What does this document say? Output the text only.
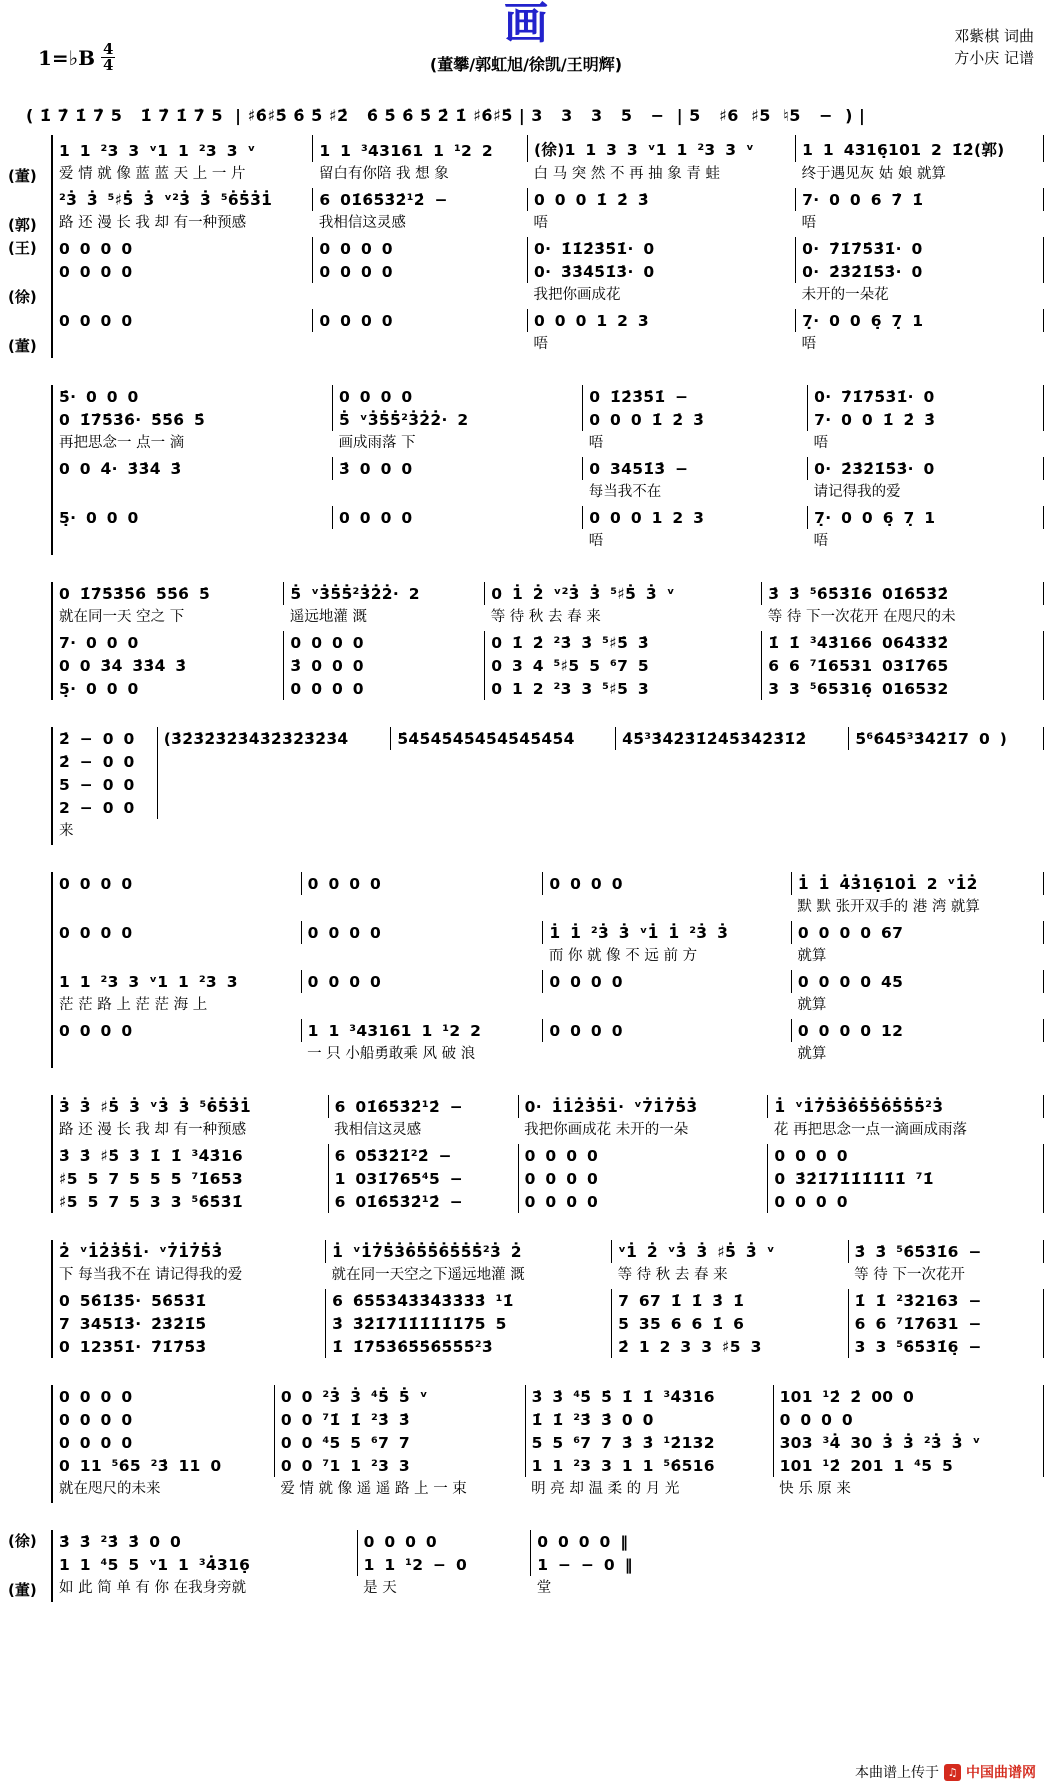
画
1=♭B $\frac{4}{4}$	(董攀/郭虹旭/徐凯/王明辉)
邓紫棋 词曲
方小庆 记谱
( 1̇ 7̇ 1̇ 7̇ 5   1̇ 7̇ 1̇ 7̇ 5  | ♯6̇♯5̇ 6̇ 5̇ ♯2̇   6̇ 5̇ 6̇ 5̇ 2̇ 1̇ ♯6̇♯5̇ | 3   3   3   5   −  | 5   ♯6  ♯5  ♮5   −  ) |
(董)	1 1 ²3 3 ᵛ1 1 ²3 3 ᵛ	1 1 ³43161 1 ¹2 2	(徐)1 1 3 3 ᵛ1 1 ²3 3 ᵛ	1 1 4316̣101 2 1̇2̇(郭)
	爱 情 就 像 蓝 蓝 天 上 一 片	留白有你陪 我 想 象	白 马 突 然 不 再 抽 象 青 蛙	终于遇见灰 姑 娘 就算
(郭)	²3̇ 3̇ ⁵♯5̇ 3̇ ᵛ²3̇ 3̇ ⁵6̇5̇3̇1̇	6 01̇6̇5̇3̇2̇¹2̇ −	0 0 0 1̇ 2̇ 3̇	7· 0 0 6 7̇ 1̇
	路 还 漫 长 我 却 有一种预感	我相信这灵感	唔	唔
(王)	0 0 0 0	0 0 0 0	0· 1̇1̇2̇3̇5̇1̇· 0	0· 7̇1̇7̇5̇3̇1̇· 0
(徐)	0 0 0 0	0 0 0 0	0· 3̇3̇4̇5̇1̇3̇· 0	0· 2̇3̇2̇1̇5̇3̇· 0
			我把你画成花	未开的一朵花
(董)	0 0 0 0	0 0 0 0	0 0 0 1 2 3	7̣· 0 0 6̣ 7̣ 1
			唔	唔
	5̇· 0 0 0	0 0 0 0	0 1̇2̇3̇5̇1̇ −	0· 7̇1̇7̇5̇3̇1̇· 0
	0 1̇7̇5̇3̇6̇· 5̇5̇6̇ 5̇	5̇ ᵛ3̇5̇5̇²3̇2̇2̇· 2	0 0 0 1̇ 2̇ 3̇	7· 0 0 1̇ 2̇ 3̇
	再把思念一 点一 滴	画成雨落 下	唔	唔
	0 0 4̇· 3̇3̇4̇ 3̇	3̇ 0 0 0	0 3451̇3̇ −	0· 2̇3̇2̇1̇5̇3̇· 0
			每当我不在	请记得我的爱
	5̣· 0 0 0	0 0 0 0	0 0 0 1 2 3	7̣· 0 0 6̣ 7̣ 1
			唔	唔
	0 1̇7̇5̇3̇5̇6̇ 5̇5̇6̇ 5̇	5̇ ᵛ3̇5̇5̇²3̇2̇2̇· 2	0 1̇ 2̇ ᵛ²3̇ 3̇ ⁵♯5̇ 3̇ ᵛ	3̇ 3̇ ⁵6̇5̇3̇1̇6 01̇6̇5̇3̇2̇
	就在同一天 空之 下	遥远地灌 溉	等 待 秋 去 春 来	等 待 下一次花开 在咫尺的未
	7· 0 0 0	0 0 0 0	0 1̇ 2̇ ²3̇ 3̇ ⁵♯5̇ 3̇	1̇ 1̇ ³4̇3̇166 064̇3̇3̇2̇
	0 0 3̇4̇ 3̇3̇4̇ 3̇	3̇ 0 0 0	0 3 4 ⁵♯5 5 ⁶7 5	6 6 ⁷1̇6531 031̇7̇65
	5̣· 0 0 0	0 0 0 0	0 1 2 ²3 3 ⁵♯5 3	3 3 ⁵65316̣ 016532
	2̇ − 0 0	(3̇2̇3̇2̇3̇2̇3̇4̇3̇2̇3̇2̇3̇2̇3̇4̇	5̇4̇5̇4̇5̇4̇5̇4̇5̇4̇5̇4̇5̇4̇5̇4̇	4̇5̇³3̇4̇2̇3̇1̇2̇4̇5̇3̇4̇2̇3̇1̇2̇	5̇⁶6̇4̇5̇³3̇4̇2̇1̇7 0 )
	2̇ − 0 0				
	5 − 0 0				
	2 − 0 0				
	来				
	0 0 0 0	0 0 0 0	0 0 0 0	1̇ 1̇ 4̇3̇16̣101̇ 2 ᵛ1̇2̇
				默 默 张开双手的 港 湾 就算
	0 0 0 0	0 0 0 0	1̇ 1̇ ²3̇ 3̇ ᵛ1̇ 1̇ ²3̇ 3̇	0 0 0 0 67
			而 你 就 像 不 远 前 方	就算
	1 1 ²3 3 ᵛ1 1 ²3 3	0 0 0 0	0 0 0 0	0 0 0 0 45
	茫 茫 路 上 茫 茫 海 上			就算
	0 0 0 0	1 1 ³43161 1 ¹2 2	0 0 0 0	0 0 0 0 12
		一 只 小船勇敢乘 风 破 浪		就算
	3̇ 3̇ ♯5̇ 3̇ ᵛ3̇ 3̇ ⁵6̇5̇3̇1̇	6 01̇6̇5̇3̇2̇¹2̇ −	0· 1̇1̇2̇3̇5̇1̇· ᵛ7̇1̇7̇5̇3̇	1̇ ᵛ1̇7̇5̇3̇6̇5̇5̇6̇5̇5̇5̇²3̇
	路 还 漫 长 我 却 有一种预感	我相信这灵感	我把你画成花 未开的一朵	花 再把思念一点一滴画成雨落
	3̇ 3̇ ♯5̇ 3̇ 1̇ 1̇ ³4̇3̇16	6 05̇3̇2̇1̇²2̇ −	0 0 0 0	0 0 0 0
	♯5 5 7 5 5 5 ⁷1̇653	1 031̇7̇65⁴5 −	0 0 0 0	0 3̇2̇1̇7̇1̇1̇1̇1̇1̇1̇ ⁷1̇
	♯5 5 7 5 3 3 ⁵6̇5̇3̇1̇	6 01̇6̇5̇3̇2̇¹2̇ −	0 0 0 0	0 0 0 0
	2̇ ᵛ1̇2̇3̇5̇1̇· ᵛ7̇1̇7̇5̇3̇	1̇ ᵛ1̇7̇5̇3̇6̇5̇5̇6̇5̇5̇5̇²3̇ 2̇	ᵛ1̇ 2̇ ᵛ3̇ 3̇ ♯5̇ 3̇ ᵛ	3̇ 3̇ ⁵6̇5̇3̇1̇6 −
	下 每当我不在 请记得我的爱	就在同一天空之下遥远地灌 溉	等 待 秋 去 春 来	等 待 下一次花开
	0 56̇1̇3̇5̇· 56̇5̇3̇1̇	6 6̇5̇5̇3̇4̇3̇3̇4̇3̇3̇3̇3̇ ¹1̇	7 67 1̇ 1̇ 3̇ 1̇	1̇ 1̇ ²3̇2163 −
	7 3451̇3̇· 2̇3̇2̇1̇5̇	3̇ 3̇2̇1̇7̇1̇1̇1̇1̇1̇1̇7̇5 5	5 35 6 6 1̇ 6	6 6 ⁷1̇7̇631 −
	0 1235̇1̇· 7̇1̇7̇5̇3̇	1̇ 1̇7̇5̇3̇6̇5̇5̇6̇5̇5̇5̇²3̇	2̇ 1 2 3 3 ♯5 3	3 3 ⁵6̇5̇3̇1̇6̣ −
	0 0 0 0	0 0 ²3̇ 3̇ ⁴5̇ 5̇ ᵛ	3̇ 3̇ ⁴5̇ 5̇ 1̇ 1̇ ³4̇3̇16	101 ¹2̇ 2̇ 00 0
	0 0 0 0	0 0 ⁷1̇ 1̇ ²3̇ 3̇	1̇ 1̇ ²3̇ 3̇ 0 0	0 0 0 0
	0 0 0 0	0 0 ⁴5 5 ⁶7 7	5 5 ⁶7 7 3̇ 3̇ ¹2̇132	303 ³4̇ 30 3̇ 3̇ ²3̇ 3̇ ᵛ
	0 11 ⁵6̇5 ²3̇ 11 0	0 0 ⁷1 1 ²3 3	1 1 ²3 3 1 1 ⁵6̇516	101 ¹2̇ 201 1 ⁴5 5
	就在咫尺的未来	爱 情 就 像 遥 遥 路 上 一 束	明 亮 却 温 柔 的 月 光	快 乐 原 来
(徐)	3̇ 3̇ ²3̇ 3̇ 0 0	0 0 0 0	0 0 0 0 ‖
(董)	1 1 ⁴5 5 ᵛ1 1 ³4̇316̣	1 1 ¹2 − 0	1 − − 0 ‖
	如 此 简 单 有 你 在我身旁就	是 天	堂
本曲谱上传于 ♫ 中国曲谱网
